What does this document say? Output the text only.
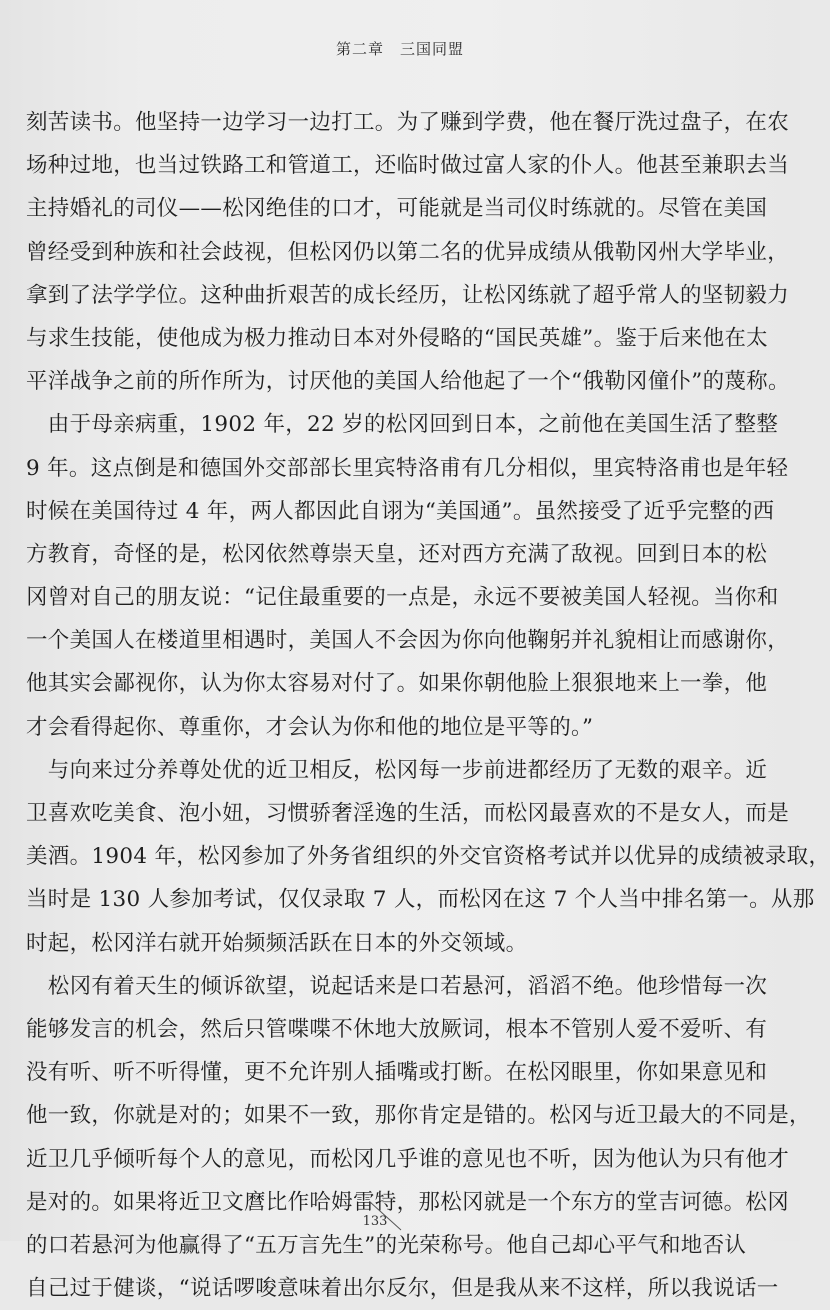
第二章　三国同盟
刻苦读书。他坚持一边学习一边打工。为了赚到学费，他在餐厅洗过盘子，在农
场种过地，也当过铁路工和管道工，还临时做过富人家的仆人。他甚至兼职去当
主持婚礼的司仪——松冈绝佳的口才，可能就是当司仪时练就的。尽管在美国
曾经受到种族和社会歧视，但松冈仍以第二名的优异成绩从俄勒冈州大学毕业，
拿到了法学学位。这种曲折艰苦的成长经历，让松冈练就了超乎常人的坚韧毅力
与求生技能，使他成为极力推动日本对外侵略的“国民英雄”。鉴于后来他在太
平洋战争之前的所作所为，讨厌他的美国人给他起了一个“俄勒冈僮仆”的蔑称。
　由于母亲病重，1902 年，22 岁的松冈回到日本，之前他在美国生活了整整
9 年。这点倒是和德国外交部部长里宾特洛甫有几分相似，里宾特洛甫也是年轻
时候在美国待过 4 年，两人都因此自诩为“美国通”。虽然接受了近乎完整的西
方教育，奇怪的是，松冈依然尊崇天皇，还对西方充满了敌视。回到日本的松
冈曾对自己的朋友说：“记住最重要的一点是，永远不要被美国人轻视。当你和
一个美国人在楼道里相遇时，美国人不会因为你向他鞠躬并礼貌相让而感谢你，
他其实会鄙视你，认为你太容易对付了。如果你朝他脸上狠狠地来上一拳，他
才会看得起你、尊重你，才会认为你和他的地位是平等的。”
　与向来过分养尊处优的近卫相反，松冈每一步前进都经历了无数的艰辛。近
卫喜欢吃美食、泡小妞，习惯骄奢淫逸的生活，而松冈最喜欢的不是女人，而是
美酒。1904 年，松冈参加了外务省组织的外交官资格考试并以优异的成绩被录取，
当时是 130 人参加考试，仅仅录取 7 人，而松冈在这 7 个人当中排名第一。从那
时起，松冈洋右就开始频频活跃在日本的外交领域。
　松冈有着天生的倾诉欲望，说起话来是口若悬河，滔滔不绝。他珍惜每一次
能够发言的机会，然后只管喋喋不休地大放厥词，根本不管别人爱不爱听、有
没有听、听不听得懂，更不允许别人插嘴或打断。在松冈眼里，你如果意见和
他一致，你就是对的；如果不一致，那你肯定是错的。松冈与近卫最大的不同是，
近卫几乎倾听每个人的意见，而松冈几乎谁的意见也不听，因为他认为只有他才
是对的。如果将近卫文麿比作哈姆雷特，那松冈就是一个东方的堂吉诃德。松冈
的口若悬河为他赢得了“五万言先生”的光荣称号。他自己却心平气和地否认
自己过于健谈，“说话啰唆意味着出尔反尔，但是我从来不这样，所以我说话一
133
